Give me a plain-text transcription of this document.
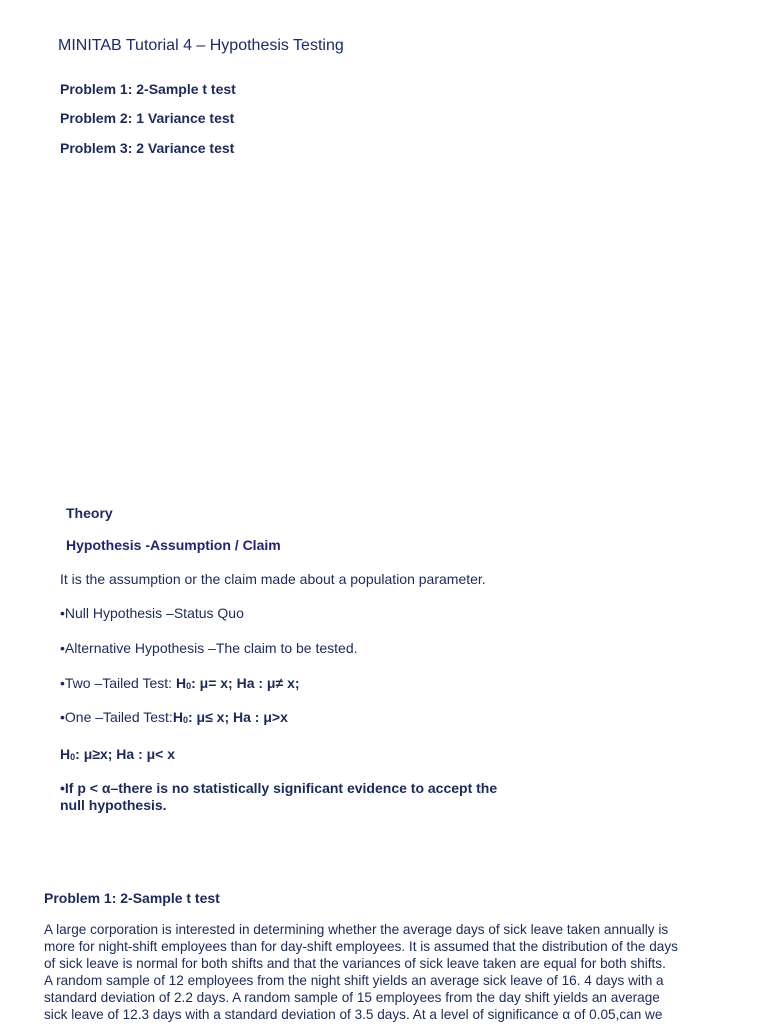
MINITAB Tutorial 4 – Hypothesis Testing
Problem 1: 2-Sample t test
Problem 2: 1 Variance test
Problem 3: 2 Variance test
Theory
Hypothesis -Assumption / Claim
It is the assumption or the claim made about a population parameter.
•Null Hypothesis –Status Quo
•Alternative Hypothesis –The claim to be tested.
•Two –Tailed Test: H0: μ= x; Ha : μ≠ x;
•One –Tailed Test:H0: μ≤ x; Ha : μ>x
H0: μ≥x; Ha : μ< x
•If p < α–there is no statistically significant evidence to accept the
null hypothesis.
Problem 1: 2-Sample t test
A large corporation is interested in determining whether the average days of sick leave taken annually is
more for night-shift employees than for day-shift employees. It is assumed that the distribution of the days
of sick leave is normal for both shifts and that the variances of sick leave taken are equal for both shifts.
A random sample of 12 employees from the night shift yields an average sick leave of 16. 4 days with a
standard deviation of 2.2 days. A random sample of 15 employees from the day shift yields an average
sick leave of 12.3 days with a standard deviation of 3.5 days. At a level of significance α of 0.05,can we
